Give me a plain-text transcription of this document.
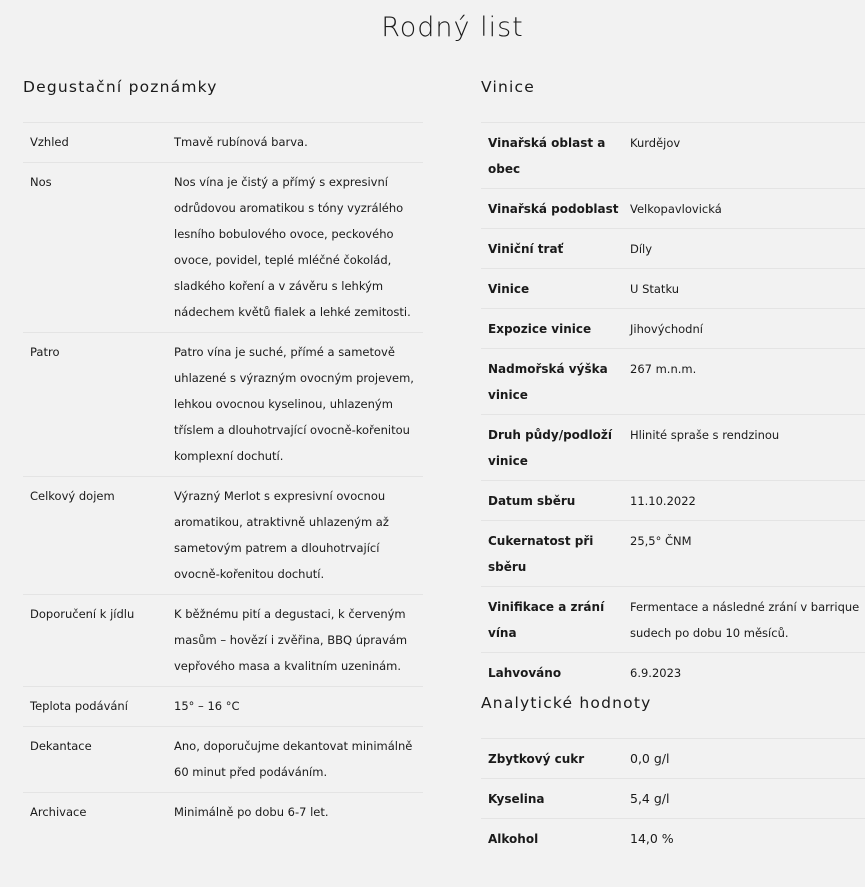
Rodný list
Degustační poznámky
Vzhled	Tmavě rubínová barva.
Nos	Nos vína je čistý a přímý s expresivní odrůdovou aromatikou s tóny vyzrálého lesního bobulového ovoce, peckového ovoce, povidel, teplé mléčné čokolád, sladkého koření a v závěru s lehkým nádechem květů fialek a lehké zemitosti.
Patro	Patro vína je suché, přímé a sametově uhlazené s výrazným ovocným projevem, lehkou ovocnou kyselinou, uhlazeným tříslem a dlouhotrvající ovocně-kořenitou komplexní dochutí.
Celkový dojem	Výrazný Merlot s expresivní ovocnou aromatikou, atraktivně uhlazeným až sametovým patrem a dlouhotrvající ovocně-kořenitou dochutí.
Doporučení k jídlu	K běžnému pití a degustaci, k červeným masům – hovězí i zvěřina, BBQ úpravám vepřového masa a kvalitním uzeninám.
Teplota podávání	15° – 16 °C
Dekantace	Ano, doporučujme dekantovat minimálně 60 minut před podáváním.
Archivace	Minimálně po dobu 6-7 let.
Vinice
Vinařská oblast a obec	Kurdějov
Vinařská podoblast	Velkopavlovická
Viniční trať	Díly
Vinice	U Statku
Expozice vinice	Jihovýchodní
Nadmořská výška vinice	267 m.n.m.
Druh půdy/podloží vinice	Hlinité spraše s rendzinou
Datum sběru	11.10.2022
Cukernatost při sběru	25,5° ČNM
Vinifikace a zrání vína	Fermentace a následné zrání v barrique sudech po dobu 10 měsíců.
Lahvováno	6.9.2023
Analytické hodnoty
Zbytkový cukr	0,0 g/l
Kyselina	5,4 g/l
Alkohol	14,0 %
